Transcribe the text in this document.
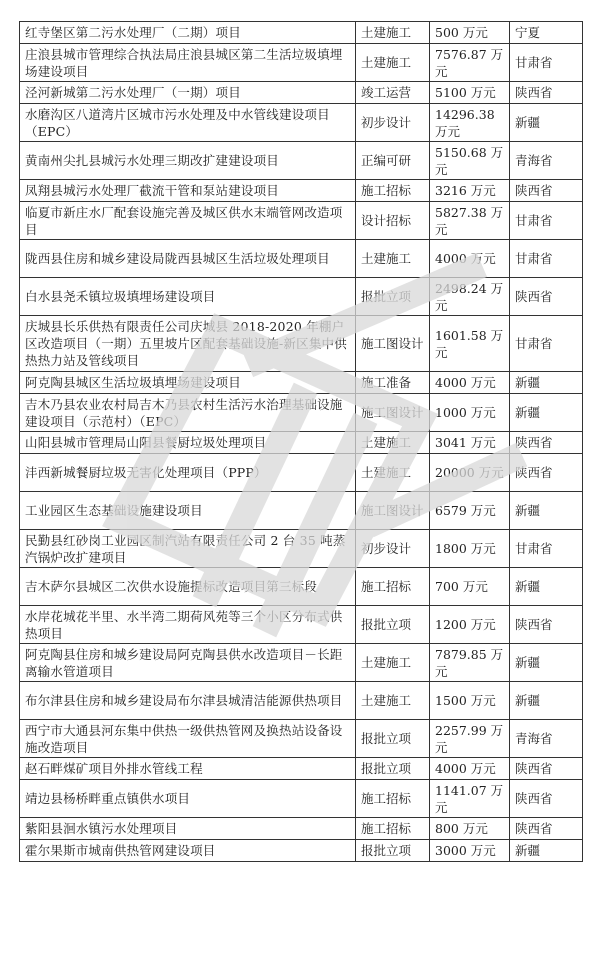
红寺堡区第二污水处理厂（二期）项目	土建施工	500 万元	宁夏
庄浪县城市管理综合执法局庄浪县城区第二生活垃圾填埋场建设项目	土建施工	7576.87 万元	甘肃省
泾河新城第二污水处理厂（一期）项目	竣工运营	5100 万元	陕西省
水磨沟区八道湾片区城市污水处理及中水管线建设项目（EPC）	初步设计	14296.38 万元	新疆
黄南州尖扎县城污水处理三期改扩建建设项目	正编可研	5150.68 万元	青海省
凤翔县城污水处理厂截流干管和泵站建设项目	施工招标	3216 万元	陕西省
临夏市新庄水厂配套设施完善及城区供水末端管网改造项目	设计招标	5827.38 万元	甘肃省
陇西县住房和城乡建设局陇西县城区生活垃圾处理项目	土建施工	4000 万元	甘肃省
白水县尧禾镇垃圾填埋场建设项目	报批立项	2498.24 万元	陕西省
庆城县长乐供热有限责任公司庆城县 2018-2020 年棚户区改造项目（一期）五里坡片区配套基础设施-新区集中供热热力站及管线项目	施工图设计	1601.58 万元	甘肃省
阿克陶县城区生活垃圾填埋场建设项目	施工准备	4000 万元	新疆
吉木乃县农业农村局吉木乃县农村生活污水治理基础设施建设项目（示范村）（EPC）	施工图设计	1000 万元	新疆
山阳县城市管理局山阳县餐厨垃圾处理项目	土建施工	3041 万元	陕西省
沣西新城餐厨垃圾无害化处理项目（PPP）	土建施工	20000 万元	陕西省
工业园区生态基础设施建设项目	施工图设计	6579 万元	新疆
民勤县红砂岗工业园区制汽站有限责任公司 2 台 35 吨蒸汽锅炉改扩建项目	初步设计	1800 万元	甘肃省
吉木萨尔县城区二次供水设施提标改造项目第三标段	施工招标	700 万元	新疆
水岸花城花半里、水半湾二期荷风苑等三个小区分布式供热项目	报批立项	1200 万元	陕西省
阿克陶县住房和城乡建设局阿克陶县供水改造项目－长距离输水管道项目	土建施工	7879.85 万元	新疆
布尔津县住房和城乡建设局布尔津县城清洁能源供热项目	土建施工	1500 万元	新疆
西宁市大通县河东集中供热一级供热管网及换热站设备设施改造项目	报批立项	2257.99 万元	青海省
赵石畔煤矿项目外排水管线工程	报批立项	4000 万元	陕西省
靖边县杨桥畔重点镇供水项目	施工招标	1141.07 万元	陕西省
紫阳县洄水镇污水处理项目	施工招标	800 万元	陕西省
霍尔果斯市城南供热管网建设项目	报批立项	3000 万元	新疆
